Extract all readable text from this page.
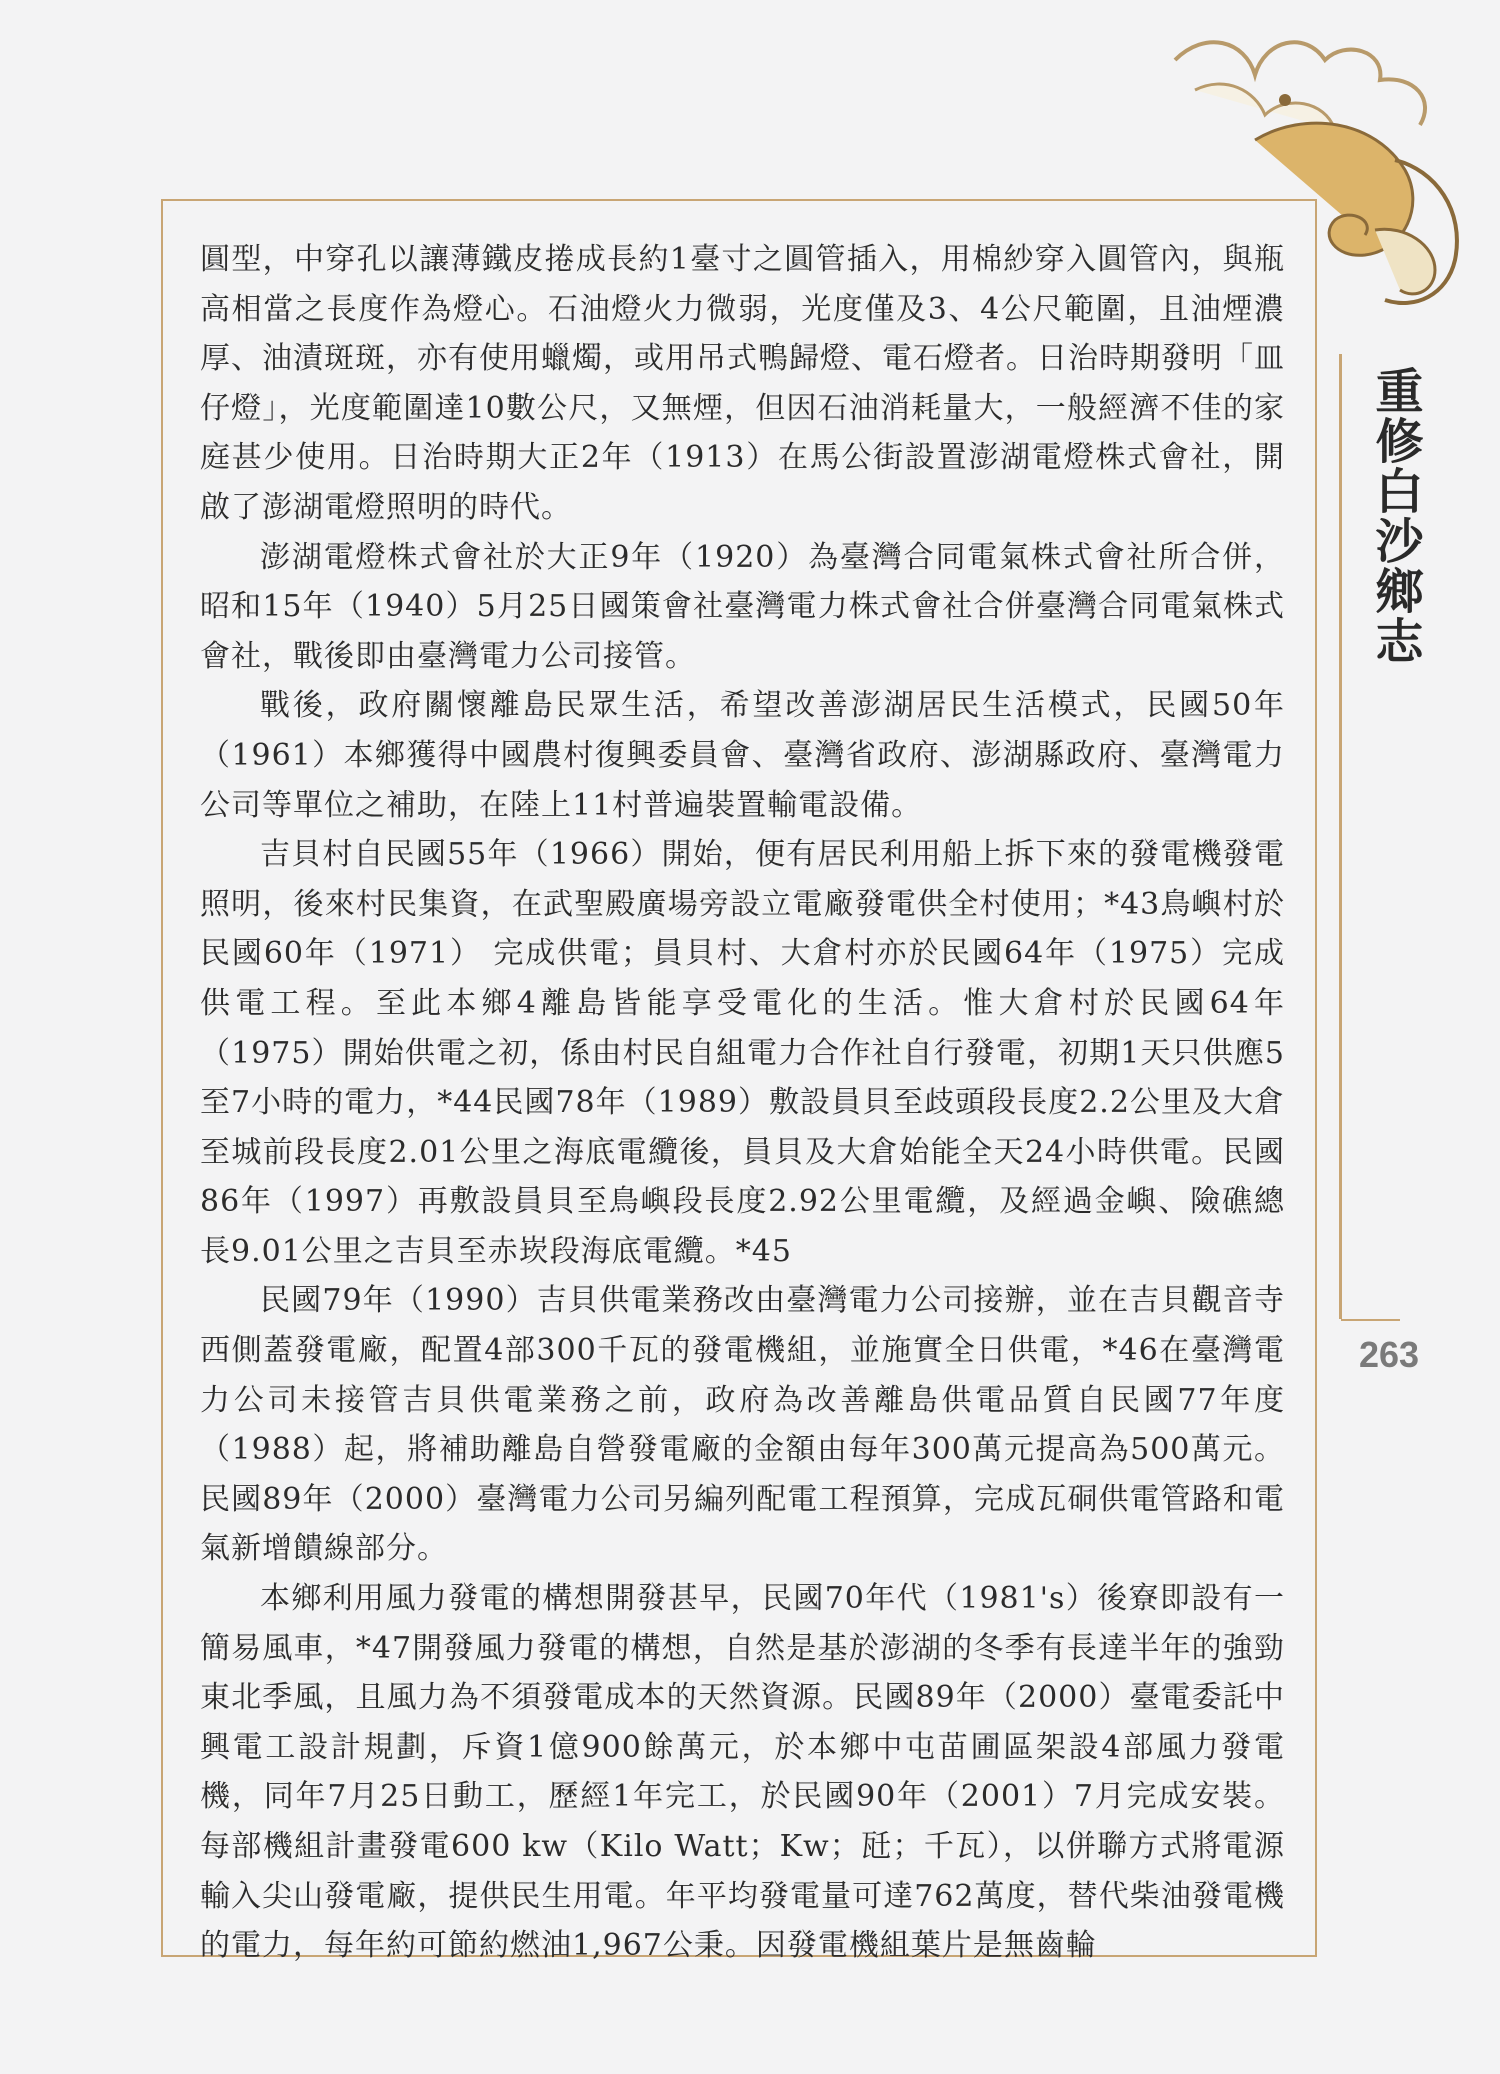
重修白沙鄉志
263

圓型，中穿孔以讓薄鐵皮捲成長約1臺寸之圓管插入，用棉紗穿入圓管內，與瓶高相當之長度作為燈心。石油燈火力微弱，光度僅及3、4公尺範圍，且油煙濃厚、油漬斑斑，亦有使用蠟燭，或用吊式鴨歸燈、電石燈者。日治時期發明「皿仔燈」，光度範圍達10數公尺，又無煙，但因石油消耗量大，一般經濟不佳的家庭甚少使用。日治時期大正2年（1913）在馬公街設置澎湖電燈株式會社，開啟了澎湖電燈照明的時代。

澎湖電燈株式會社於大正9年（1920）為臺灣合同電氣株式會社所合併，昭和15年（1940）5月25日國策會社臺灣電力株式會社合併臺灣合同電氣株式會社，戰後即由臺灣電力公司接管。

戰後，政府關懷離島民眾生活，希望改善澎湖居民生活模式，民國50年（1961）本鄉獲得中國農村復興委員會、臺灣省政府、澎湖縣政府、臺灣電力公司等單位之補助，在陸上11村普遍裝置輸電設備。

吉貝村自民國55年（1966）開始，便有居民利用船上拆下來的發電機發電照明，後來村民集資，在武聖殿廣場旁設立電廠發電供全村使用；*43鳥嶼村於民國60年（1971） 完成供電；員貝村、大倉村亦於民國64年（1975）完成供電工程。至此本鄉4離島皆能享受電化的生活。惟大倉村於民國64年（1975）開始供電之初，係由村民自組電力合作社自行發電，初期1天只供應5至7小時的電力，*44民國78年（1989）敷設員貝至歧頭段長度2.2公里及大倉至城前段長度2.01公里之海底電纜後，員貝及大倉始能全天24小時供電。民國86年（1997）再敷設員貝至鳥嶼段長度2.92公里電纜，及經過金嶼、險礁總長9.01公里之吉貝至赤崁段海底電纜。*45

民國79年（1990）吉貝供電業務改由臺灣電力公司接辦，並在吉貝觀音寺西側蓋發電廠，配置4部300千瓦的發電機組，並施實全日供電，*46在臺灣電力公司未接管吉貝供電業務之前，政府為改善離島供電品質自民國77年度（1988）起，將補助離島自營發電廠的金額由每年300萬元提高為500萬元。民國89年（2000）臺灣電力公司另編列配電工程預算，完成瓦硐供電管路和電氣新增饋線部分。

本鄉利用風力發電的構想開發甚早，民國70年代（1981's）後寮即設有一簡易風車，*47開發風力發電的構想，自然是基於澎湖的冬季有長達半年的強勁東北季風，且風力為不須發電成本的天然資源。民國89年（2000）臺電委託中興電工設計規劃，斥資1億900餘萬元，於本鄉中屯苗圃區架設4部風力發電機，同年7月25日動工，歷經1年完工，於民國90年（2001）7月完成安裝。每部機組計畫發電600 kw（Kilo Watt；Kw；瓩；千瓦），以併聯方式將電源輸入尖山發電廠，提供民生用電。年平均發電量可達762萬度，替代柴油發電機的電力，每年約可節約燃油1,967公秉。因發電機組葉片是無齒輪
